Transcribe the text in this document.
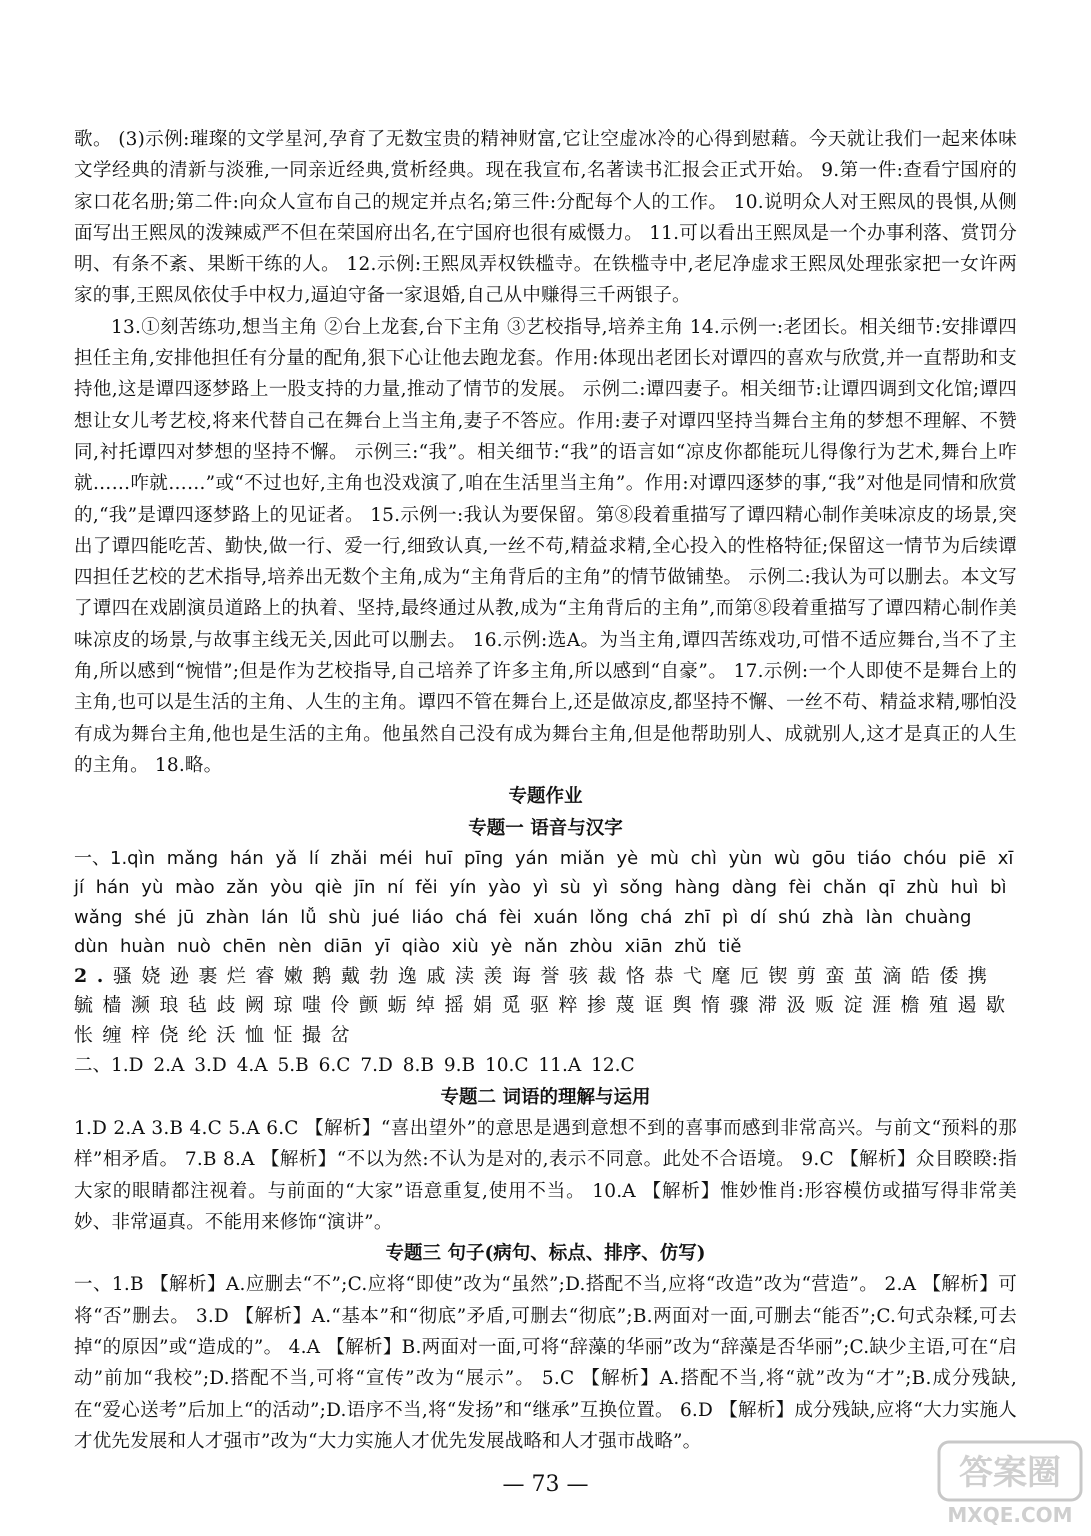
歌。 (3)示例:璀璨的文学星河,孕育了无数宝贵的精神财富,它让空虚冰冷的心得到慰藉。今天就让我们一起来体味文学经典的清新与淡雅,一同亲近经典,赏析经典。现在我宣布,名著读书汇报会正式开始。 9.第一件:查看宁国府的家口花名册;第二件:向众人宣布自己的规定并点名;第三件:分配每个人的工作。 10.说明众人对王熙凤的畏惧,从侧面写出王熙凤的泼辣威严不但在荣国府出名,在宁国府也很有威慑力。 11.可以看出王熙凤是一个办事利落、赏罚分明、有条不紊、果断干练的人。 12.示例:王熙凤弄权铁槛寺。在铁槛寺中,老尼净虚求王熙凤处理张家把一女许两家的事,王熙凤依仗手中权力,逼迫守备一家退婚,自己从中赚得三千两银子。

13.①刻苦练功,想当主角 ②台上龙套,台下主角 ③艺校指导,培养主角 14.示例一:老团长。相关细节:安排谭四担任主角,安排他担任有分量的配角,狠下心让他去跑龙套。作用:体现出老团长对谭四的喜欢与欣赏,并一直帮助和支持他,这是谭四逐梦路上一股支持的力量,推动了情节的发展。 示例二:谭四妻子。相关细节:让谭四调到文化馆;谭四想让女儿考艺校,将来代替自己在舞台上当主角,妻子不答应。作用:妻子对谭四坚持当舞台主角的梦想不理解、不赞同,衬托谭四对梦想的坚持不懈。 示例三:“我”。相关细节:“我”的语言如“凉皮你都能玩儿得像行为艺术,舞台上咋就……咋就……”或“不过也好,主角也没戏演了,咱在生活里当主角”。作用:对谭四逐梦的事,“我”对他是同情和欣赏的,“我”是谭四逐梦路上的见证者。 15.示例一:我认为要保留。第⑧段着重描写了谭四精心制作美味凉皮的场景,突出了谭四能吃苦、勤快,做一行、爱一行,细致认真,一丝不苟,精益求精,全心投入的性格特征;保留这一情节为后续谭四担任艺校的艺术指导,培养出无数个主角,成为“主角背后的主角”的情节做铺垫。 示例二:我认为可以删去。本文写了谭四在戏剧演员道路上的执着、坚持,最终通过从教,成为“主角背后的主角”,而第⑧段着重描写了谭四精心制作美味凉皮的场景,与故事主线无关,因此可以删去。 16.示例:选A。为当主角,谭四苦练戏功,可惜不适应舞台,当不了主角,所以感到“惋惜”;但是作为艺校指导,自己培养了许多主角,所以感到“自豪”。 17.示例:一个人即使不是舞台上的主角,也可以是生活的主角、人生的主角。谭四不管在舞台上,还是做凉皮,都坚持不懈、一丝不苟、精益求精,哪怕没有成为舞台主角,他也是生活的主角。他虽然自己没有成为舞台主角,但是他帮助别人、成就别人,这才是真正的人生的主角。 18.略。

专题作业

专题一 语音与汉字

一、1.qìn mǎng hán yǎ lí zhǎi méi huī pīng yán miǎn yè mù chì yùn wù gōu tiáo chóu piē xī jí hán yù mào zǎn yòu qiè jīn ní fěi yín yào yì sù yì sǒng hàng dàng fèi chǎn qī zhù huì bì wǎng shé jū zhàn lán lǚ shù jué liáo chá fèi xuán lǒng chá zhī pì dí shú zhà làn chuàng dùn huàn nuò chēn nèn diān yī qiào xiù yè nǎn zhòu xiān zhǔ tiě

2.骚娆逊裹烂睿嫩鹅戴勃逸戚渎羡诲誉骇裁恪恭弋麾厄锲剪蛮茧滴皓倭携毓樯濒琅毡歧阙琼嗤伶颤蛎绰摇娟觅驱粹掺蔑诓舆惰骤滞汲贩淀涯檐殖遏歇怅缠梓侥纶沃恤怔撮岔

二、1.D 2.A 3.D 4.A 5.B 6.C 7.D 8.B 9.B 10.C 11.A 12.C

专题二 词语的理解与运用

1.D 2.A 3.B 4.C 5.A 6.C 【解析】“喜出望外”的意思是遇到意想不到的喜事而感到非常高兴。与前文“预料的那样”相矛盾。 7.B 8.A 【解析】“不以为然:不认为是对的,表示不同意。此处不合语境。 9.C 【解析】众目睽睽:指大家的眼睛都注视着。与前面的“大家”语意重复,使用不当。 10.A 【解析】惟妙惟肖:形容模仿或描写得非常美妙、非常逼真。不能用来修饰“演讲”。

专题三 句子(病句、标点、排序、仿写)

一、1.B 【解析】A.应删去“不”;C.应将“即使”改为“虽然”;D.搭配不当,应将“改造”改为“营造”。 2.A 【解析】可将“否”删去。 3.D 【解析】A.“基本”和“彻底”矛盾,可删去“彻底”;B.两面对一面,可删去“能否”;C.句式杂糅,可去掉“的原因”或“造成的”。 4.A 【解析】B.两面对一面,可将“辞藻的华丽”改为“辞藻是否华丽”;C.缺少主语,可在“启动”前加“我校”;D.搭配不当,可将“宣传”改为“展示”。 5.C 【解析】A.搭配不当,将“就”改为“才”;B.成分残缺,在“爱心送考”后加上“的活动”;D.语序不当,将“发扬”和“继承”互换位置。 6.D 【解析】成分残缺,应将“大力实施人才优先发展和人才强市”改为“大力实施人才优先发展战略和人才强市战略”。

— 73 —	答案圈
MXQE.COM
